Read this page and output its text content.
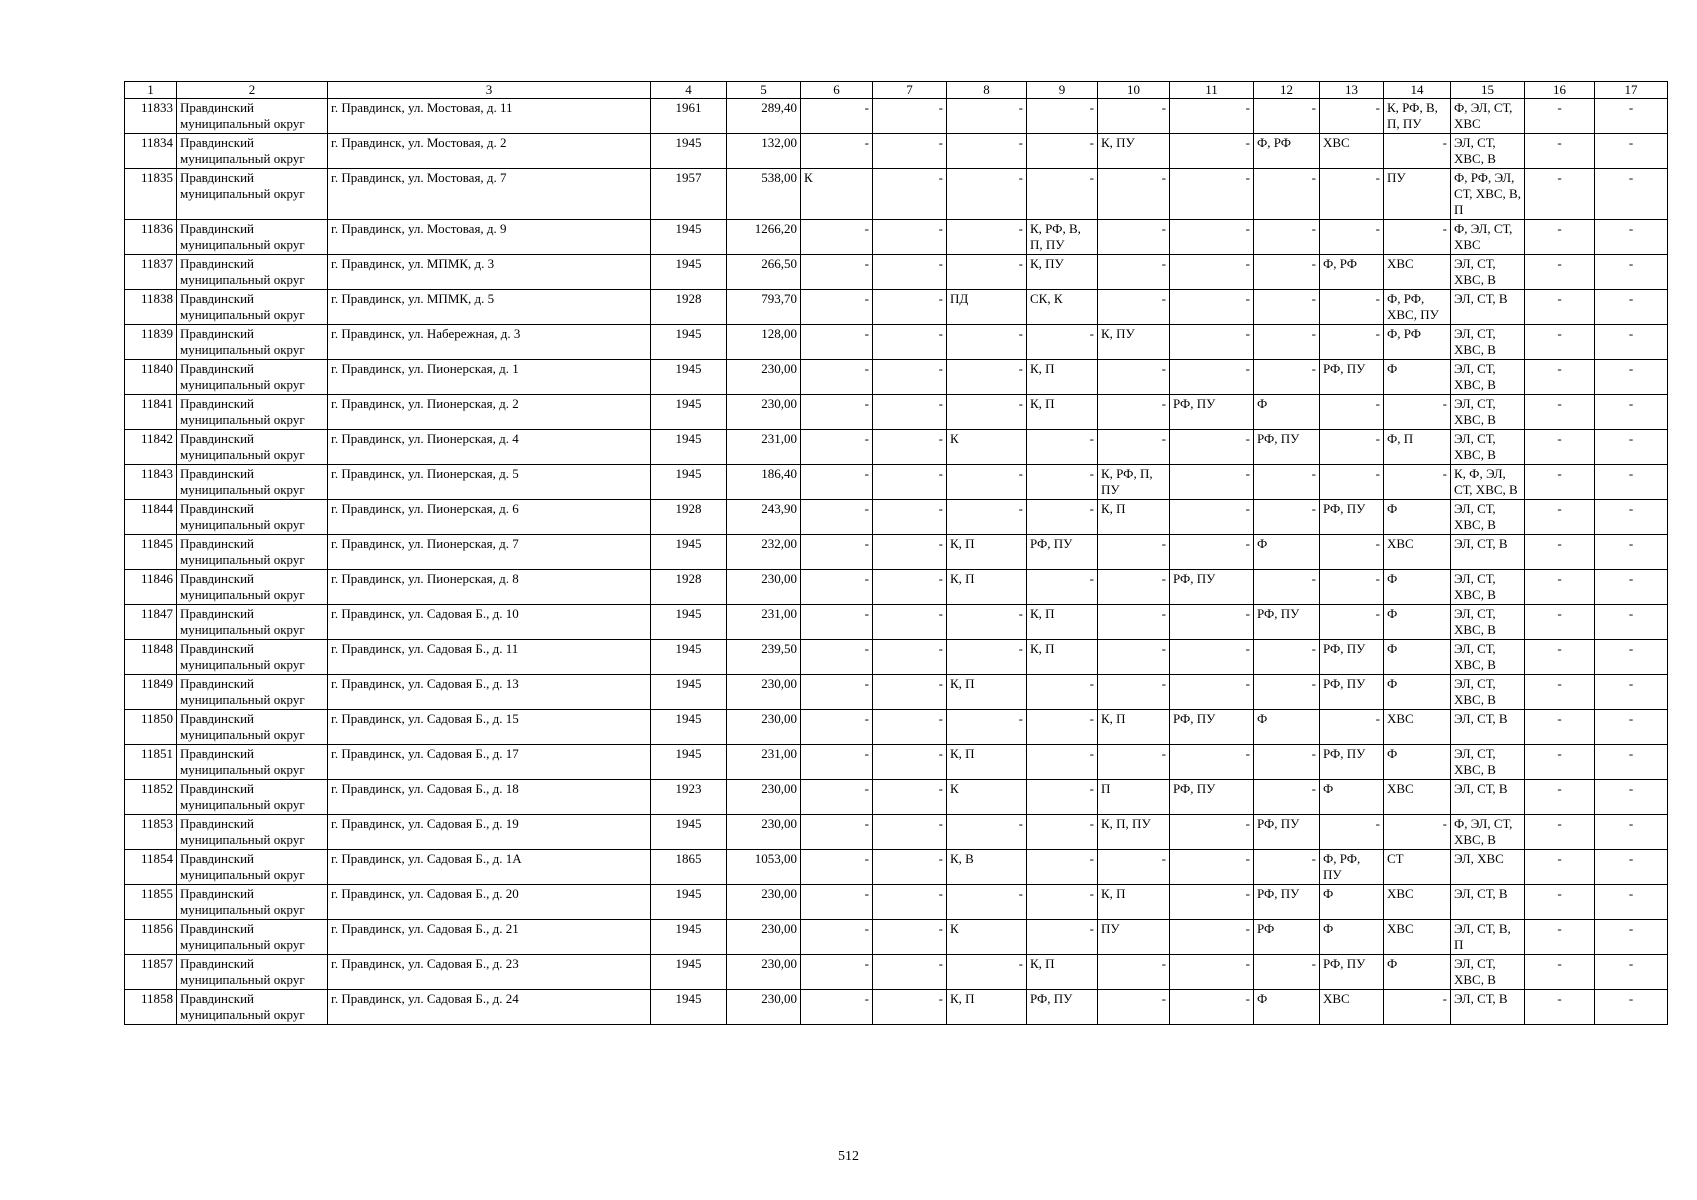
1	2	3	4	5	6	7	8	9	10	11	12	13	14	15	16	17
11833	Правдинский муниципальный округ	г. Правдинск, ул. Мостовая, д. 11	1961	289,40	-	-	-	-	-	-	-	-	К, РФ, В, П, ПУ	Ф, ЭЛ, СТ, ХВС	-	-
11834	Правдинский муниципальный округ	г. Правдинск, ул. Мостовая, д. 2	1945	132,00	-	-	-	-	К, ПУ	-	Ф, РФ	ХВС	-	ЭЛ, СТ, ХВС, В	-	-
11835	Правдинский муниципальный округ	г. Правдинск, ул. Мостовая, д. 7	1957	538,00	К	-	-	-	-	-	-	-	ПУ	Ф, РФ, ЭЛ, СТ, ХВС, В, П	-	-
11836	Правдинский муниципальный округ	г. Правдинск, ул. Мостовая, д. 9	1945	1266,20	-	-	-	К, РФ, В, П, ПУ	-	-	-	-	-	Ф, ЭЛ, СТ, ХВС	-	-
11837	Правдинский муниципальный округ	г. Правдинск, ул. МПМК, д. 3	1945	266,50	-	-	-	К, ПУ	-	-	-	Ф, РФ	ХВС	ЭЛ, СТ, ХВС, В	-	-
11838	Правдинский муниципальный округ	г. Правдинск, ул. МПМК, д. 5	1928	793,70	-	-	ПД	СК, К	-	-	-	-	Ф, РФ, ХВС, ПУ	ЭЛ, СТ, В	-	-
11839	Правдинский муниципальный округ	г. Правдинск, ул. Набережная, д. 3	1945	128,00	-	-	-	-	К, ПУ	-	-	-	Ф, РФ	ЭЛ, СТ, ХВС, В	-	-
11840	Правдинский муниципальный округ	г. Правдинск, ул. Пионерская, д. 1	1945	230,00	-	-	-	К, П	-	-	-	РФ, ПУ	Ф	ЭЛ, СТ, ХВС, В	-	-
11841	Правдинский муниципальный округ	г. Правдинск, ул. Пионерская, д. 2	1945	230,00	-	-	-	К, П	-	РФ, ПУ	Ф	-	-	ЭЛ, СТ, ХВС, В	-	-
11842	Правдинский муниципальный округ	г. Правдинск, ул. Пионерская, д. 4	1945	231,00	-	-	К	-	-	-	РФ, ПУ	-	Ф, П	ЭЛ, СТ, ХВС, В	-	-
11843	Правдинский муниципальный округ	г. Правдинск, ул. Пионерская, д. 5	1945	186,40	-	-	-	-	К, РФ, П, ПУ	-	-	-	-	К, Ф, ЭЛ, СТ, ХВС, В	-	-
11844	Правдинский муниципальный округ	г. Правдинск, ул. Пионерская, д. 6	1928	243,90	-	-	-	-	К, П	-	-	РФ, ПУ	Ф	ЭЛ, СТ, ХВС, В	-	-
11845	Правдинский муниципальный округ	г. Правдинск, ул. Пионерская, д. 7	1945	232,00	-	-	К, П	РФ, ПУ	-	-	Ф	-	ХВС	ЭЛ, СТ, В	-	-
11846	Правдинский муниципальный округ	г. Правдинск, ул. Пионерская, д. 8	1928	230,00	-	-	К, П	-	-	РФ, ПУ	-	-	Ф	ЭЛ, СТ, ХВС, В	-	-
11847	Правдинский муниципальный округ	г. Правдинск, ул. Садовая Б., д. 10	1945	231,00	-	-	-	К, П	-	-	РФ, ПУ	-	Ф	ЭЛ, СТ, ХВС, В	-	-
11848	Правдинский муниципальный округ	г. Правдинск, ул. Садовая Б., д. 11	1945	239,50	-	-	-	К, П	-	-	-	РФ, ПУ	Ф	ЭЛ, СТ, ХВС, В	-	-
11849	Правдинский муниципальный округ	г. Правдинск, ул. Садовая Б., д. 13	1945	230,00	-	-	К, П	-	-	-	-	РФ, ПУ	Ф	ЭЛ, СТ, ХВС, В	-	-
11850	Правдинский муниципальный округ	г. Правдинск, ул. Садовая Б., д. 15	1945	230,00	-	-	-	-	К, П	РФ, ПУ	Ф	-	ХВС	ЭЛ, СТ, В	-	-
11851	Правдинский муниципальный округ	г. Правдинск, ул. Садовая Б., д. 17	1945	231,00	-	-	К, П	-	-	-	-	РФ, ПУ	Ф	ЭЛ, СТ, ХВС, В	-	-
11852	Правдинский муниципальный округ	г. Правдинск, ул. Садовая Б., д. 18	1923	230,00	-	-	К	-	П	РФ, ПУ	-	Ф	ХВС	ЭЛ, СТ, В	-	-
11853	Правдинский муниципальный округ	г. Правдинск, ул. Садовая Б., д. 19	1945	230,00	-	-	-	-	К, П, ПУ	-	РФ, ПУ	-	-	Ф, ЭЛ, СТ, ХВС, В	-	-
11854	Правдинский муниципальный округ	г. Правдинск, ул. Садовая Б., д. 1А	1865	1053,00	-	-	К, В	-	-	-	-	Ф, РФ, ПУ	СТ	ЭЛ, ХВС	-	-
11855	Правдинский муниципальный округ	г. Правдинск, ул. Садовая Б., д. 20	1945	230,00	-	-	-	-	К, П	-	РФ, ПУ	Ф	ХВС	ЭЛ, СТ, В	-	-
11856	Правдинский муниципальный округ	г. Правдинск, ул. Садовая Б., д. 21	1945	230,00	-	-	К	-	ПУ	-	РФ	Ф	ХВС	ЭЛ, СТ, В, П	-	-
11857	Правдинский муниципальный округ	г. Правдинск, ул. Садовая Б., д. 23	1945	230,00	-	-	-	К, П	-	-	-	РФ, ПУ	Ф	ЭЛ, СТ, ХВС, В	-	-
11858	Правдинский муниципальный округ	г. Правдинск, ул. Садовая Б., д. 24	1945	230,00	-	-	К, П	РФ, ПУ	-	-	Ф	ХВС	-	ЭЛ, СТ, В	-	-
512
